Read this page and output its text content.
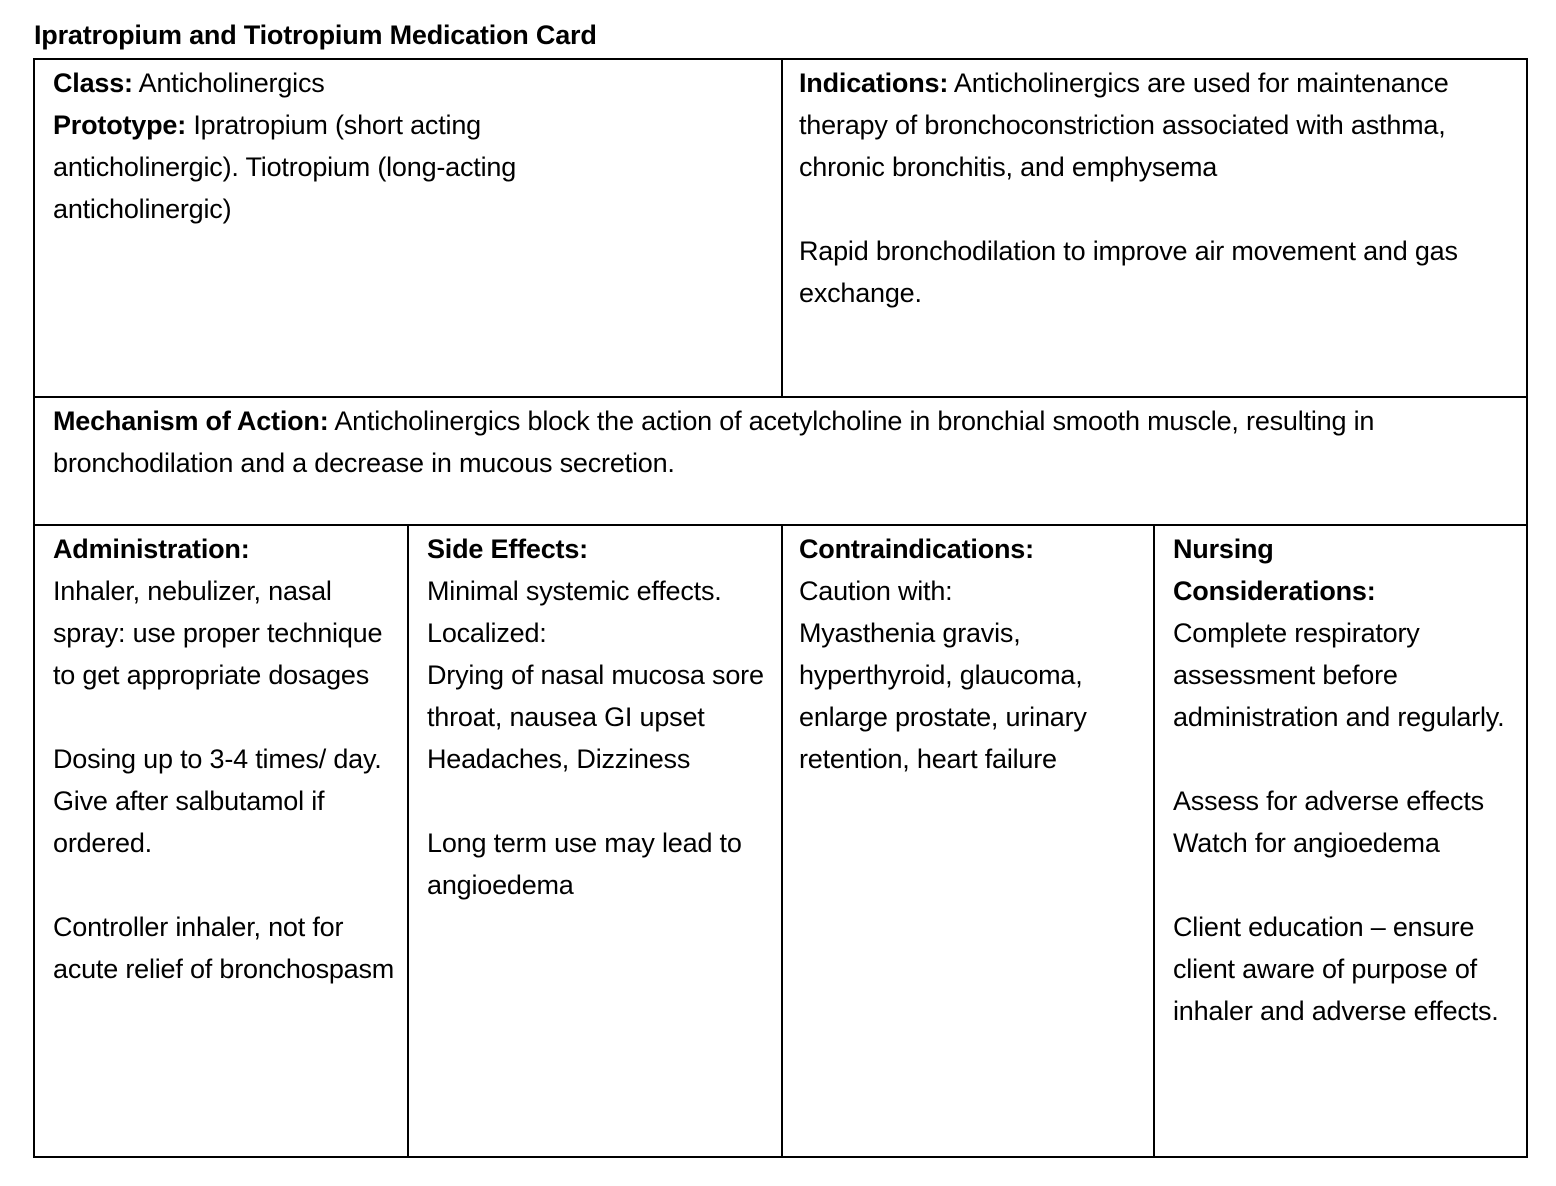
Ipratropium and Tiotropium Medication Card

Class: Anticholinergics

Prototype: Ipratropium (short acting anticholinergic). Tiotropium (long-acting anticholinergic)

Indications: Anticholinergics are used for maintenance therapy of bronchoconstriction associated with asthma, chronic bronchitis, and emphysema

Rapid bronchodilation to improve air movement and gas exchange.

Mechanism of Action: Anticholinergics block the action of acetylcholine in bronchial smooth muscle, resulting in bronchodilation and a decrease in mucous secretion.

Administration:

Inhaler, nebulizer, nasal spray: use proper technique to get appropriate dosages

Dosing up to 3-4 times/ day.  Give after salbutamol if ordered.

Controller inhaler, not for acute relief of bronchospasm

Side Effects:

Minimal systemic effects. Localized:

Drying of nasal mucosa sore throat, nausea GI upset

Headaches, Dizziness

Long term use may lead to angioedema

Contraindications:

Caution with:

Myasthenia gravis, hyperthyroid, glaucoma, enlarge prostate, urinary retention, heart failure

Nursing Considerations:

Complete respiratory assessment before administration and regularly.

Assess for adverse effects

Watch for angioedema

Client education – ensure client aware of purpose of inhaler and adverse effects.
